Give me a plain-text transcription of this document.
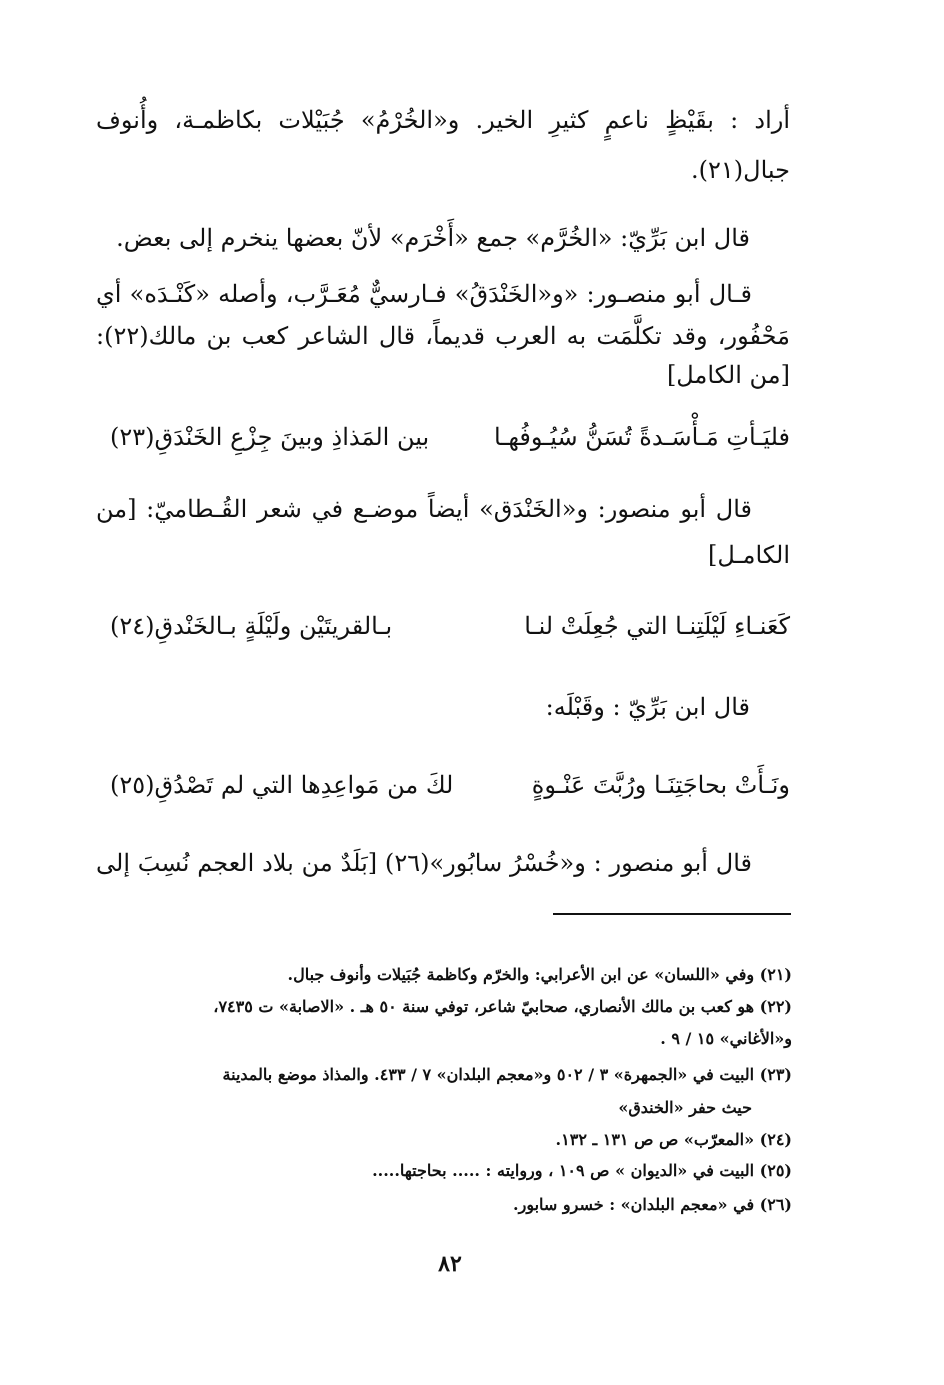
أراد : بقَيْظٍ ناعمٍ كثيرِ الخير. و«الخُرْمُ» جُبَيْلات بكاظمـة، وأُنوف
جبال(٢١).
قال ابن بَرِّيّ: «الخُرَّم» جمع «أَخْرَم» لأنّ بعضها ينخرم إلى بعض.
قـال أبو منصـور: «و«الخَنْدَقُ» فـارسيٌّ مُعَـرَّب، وأصله «كَنْـدَه» أي
مَحْفُور، وقد تكلَّمَت به العرب قديماً، قال الشاعر كعب بن مالك(٢٢):
[من الكامل]
فليَـأتِ مَـأْسَـدةً تُسَنُّ سُيُـوفُهـا
بين المَذاذِ وبينَ جِزْعِ الخَنْدَقِ(٢٣)
قال أبو منصور: و«الخَنْدَق» أيضاً موضـع في شعر القُـطاميّ: [من
الكامـل]
كَعَنـاءِ لَيْلَتِنـا التي جُعِلَتْ لنـا
بـالقريتَيْن ولَيْلَةٍ بـالخَنْدقِ(٢٤)
قال ابن بَرِّيّ : وقَبْلَه:
ونَـأَتْ بحاجَتِنَـا ورُبَّتَ عَنْـوةٍ
لكَ من مَواعِدِها التي لم تَصْدُقِ(٢٥)
قال أبو منصور : و«خُسْرُ سابُور»(٢٦) [بَلَدٌ من بلاد العجم نُسِبَ إلى
(٢١) وفي «اللسان» عن ابن الأعرابي: والخرّم وكاظمة جُبَيلات وأنوف جبال.
(٢٢) هو كعب بن مالك الأنصاري، صحابيّ شاعر، توفي سنة ٥٠ هـ . «الاصابة» ت ٧٤٣٥،
و«الأغاني» ١٥ / ٩ .
(٢٣) البيت في «الجمهرة» ٣ / ٥٠٢ و«معجم البلدان» ٧ / ٤٣٣. والمذاذ موضع بالمدينة
حيث حفر «الخندق»
(٢٤) «المعرّب» ص ص ١٣١ ـ ١٣٢.
(٢٥) البيت في «الديوان » ص ١٠٩ ، وروايته : ..... بحاجتها.....
(٢٦) في «معجم البلدان» : خسرو سابور.
٨٢
